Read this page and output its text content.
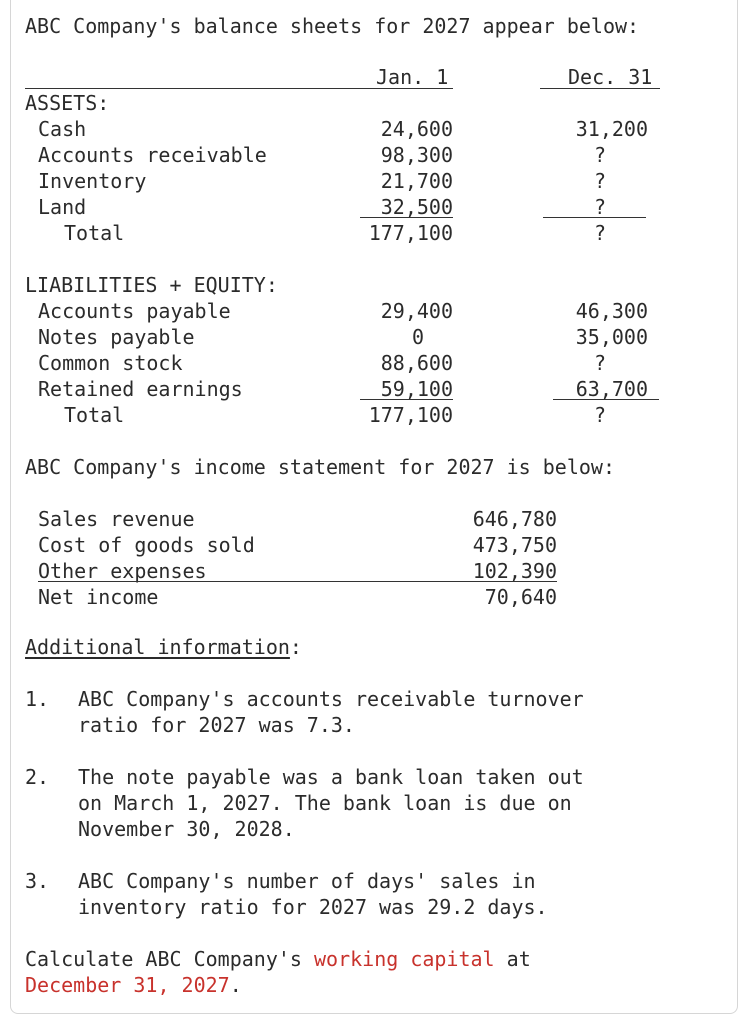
ABC Company's balance sheets for 2027 appear below:
Jan. 1	Dec. 31
ASSETS:
Cash	24,600	31,200
Accounts receivable	98,300	?
Inventory	21,700	?
Land	32,500	?
Total	177,100	?
LIABILITIES + EQUITY:
Accounts payable	29,400	46,300
Notes payable	0	35,000
Common stock	88,600	?
Retained earnings	59,100	63,700
Total	177,100	?
ABC Company's income statement for 2027 is below:
Sales revenue	646,780
Cost of goods sold	473,750
Other expenses	102,390
Net income	70,640
Additional information:
1. ABC Company's accounts receivable turnover
ratio for 2027 was 7.3.
2. The note payable was a bank loan taken out
on March 1, 2027. The bank loan is due on
November 30, 2028.
3. ABC Company's number of days' sales in
inventory ratio for 2027 was 29.2 days.
Calculate ABC Company's working capital at
December 31, 2027.
